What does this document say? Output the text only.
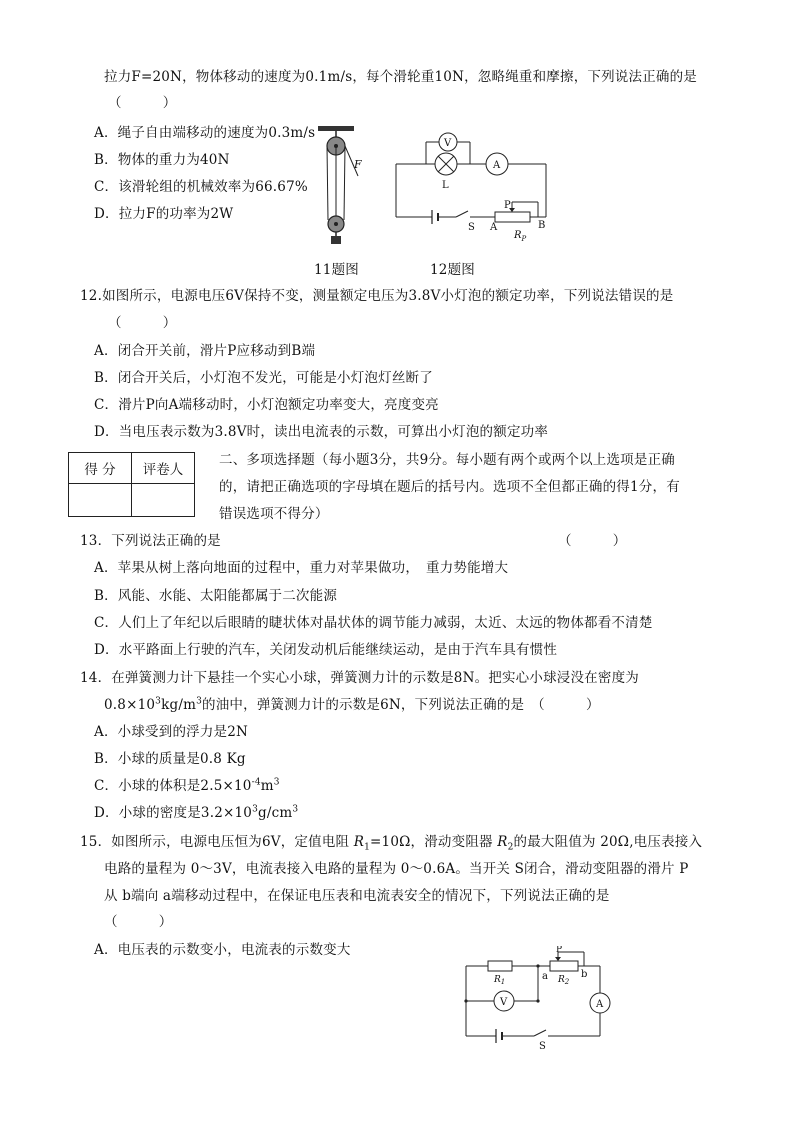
拉力F=20N，物体移动的速度为0.1m/s，每个滑轮重10N，忽略绳重和摩擦，下列说法正确的是
（　　　）
A．绳子自由端移动的速度为0.3m/s
B．物体的重力为40N
C．该滑轮组的机械效率为66.67%
D．拉力F的功率为2W
F
11题图
V
A
L
P
S A	B
$R_P$
12题图
12.如图所示，电源电压6V保持不变，测量额定电压为3.8V小灯泡的额定功率，下列说法错误的是
（　　　）
A．闭合开关前，滑片P应移动到B端
B．闭合开关后，小灯泡不发光，可能是小灯泡灯丝断了
C．滑片P向A端移动时，小灯泡额定功率变大，亮度变亮
D．当电压表示数为3.8V时，读出电流表的示数，可算出小灯泡的额定功率
得 分	评卷人

二、多项选择题（每小题3分，共9分。每小题有两个或两个以上选项是正确
的，请把正确选项的字母填在题后的括号内。选项不全但都正确的得1分，有
错误选项不得分）
13．下列说法正确的是	（　　　）
A．苹果从树上落向地面的过程中，重力对苹果做功，　重力势能增大
B．风能、水能、太阳能都属于二次能源
C．人们上了年纪以后眼睛的睫状体对晶状体的调节能力减弱，太近、太远的物体都看不清楚
D．水平路面上行驶的汽车，关闭发动机后能继续运动，是由于汽车具有惯性
14．在弹簧测力计下悬挂一个实心小球，弹簧测力计的示数是8N。把实心小球浸没在密度为
$0.8\times 10^3kg/m^3$的油中，弹簧测力计的示数是6N，下列说法正确的是　（　　　）
A．小球受到的浮力是2N
B．小球的质量是0.8 Kg
C．小球的体积是$2.5\times 10^{-4}m^3$
D．小球的密度是$3.2\times 10^3g/cm^3$
15．如图所示，电源电压恒为6V，定值电阻 $R_1=10\Omega$，滑动变阻器 $R_2$的最大阻值为 20Ω,电压表接入
电路的量程为 0～3V，电流表接入电路的量程为 0～0.6A。当开关 S闭合，滑动变阻器的滑片 P
从 b端向 a端移动过程中，在保证电压表和电流表安全的情况下，下列说法正确的是
（　　　）
A．电压表的示数变小，电流表的示数变大	P
$R_1$	$R_2$
a	b
V	A
S
